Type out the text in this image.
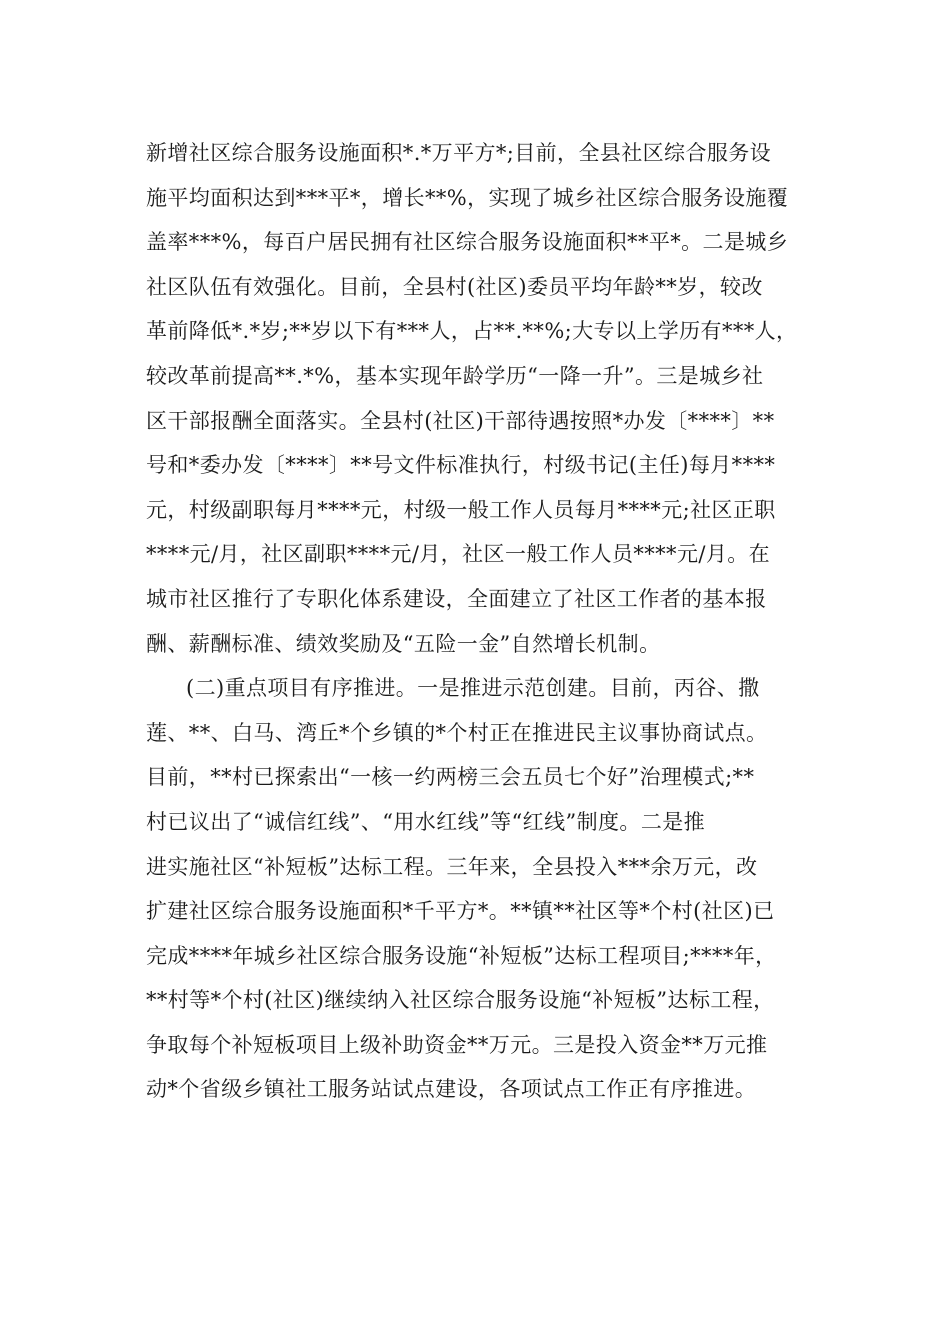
新增社区综合服务设施面积*.*万平方*;目前，全县社区综合服务设
施平均面积达到***平*，增长**%，实现了城乡社区综合服务设施覆
盖率***%，每百户居民拥有社区综合服务设施面积**平*。二是城乡
社区队伍有效强化。目前，全县村(社区)委员平均年龄**岁，较改
革前降低*.*岁;**岁以下有***人，占**.**%;大专以上学历有***人，
较改革前提高**.*%，基本实现年龄学历“一降一升”。三是城乡社
区干部报酬全面落实。全县村(社区)干部待遇按照*办发〔****〕**
号和*委办发〔****〕**号文件标准执行，村级书记(主任)每月****
元，村级副职每月****元，村级一般工作人员每月****元;社区正职
****元/月，社区副职****元/月，社区一般工作人员****元/月。在
城市社区推行了专职化体系建设，全面建立了社区工作者的基本报
酬、薪酬标准、绩效奖励及“五险一金”自然增长机制。
(二)重点项目有序推进。一是推进示范创建。目前，丙谷、撒
莲、**、白马、湾丘*个乡镇的*个村正在推进民主议事协商试点。
目前，**村已探索出“一核一约两榜三会五员七个好”治理模式;**
村已议出了“诚信红线”、“用水红线”等“红线”制度。二是推
进实施社区“补短板”达标工程。三年来，全县投入***余万元，改
扩建社区综合服务设施面积*千平方*。**镇**社区等*个村(社区)已
完成****年城乡社区综合服务设施“补短板”达标工程项目;****年，
**村等*个村(社区)继续纳入社区综合服务设施“补短板”达标工程，
争取每个补短板项目上级补助资金**万元。三是投入资金**万元推
动*个省级乡镇社工服务站试点建设，各项试点工作正有序推进。
